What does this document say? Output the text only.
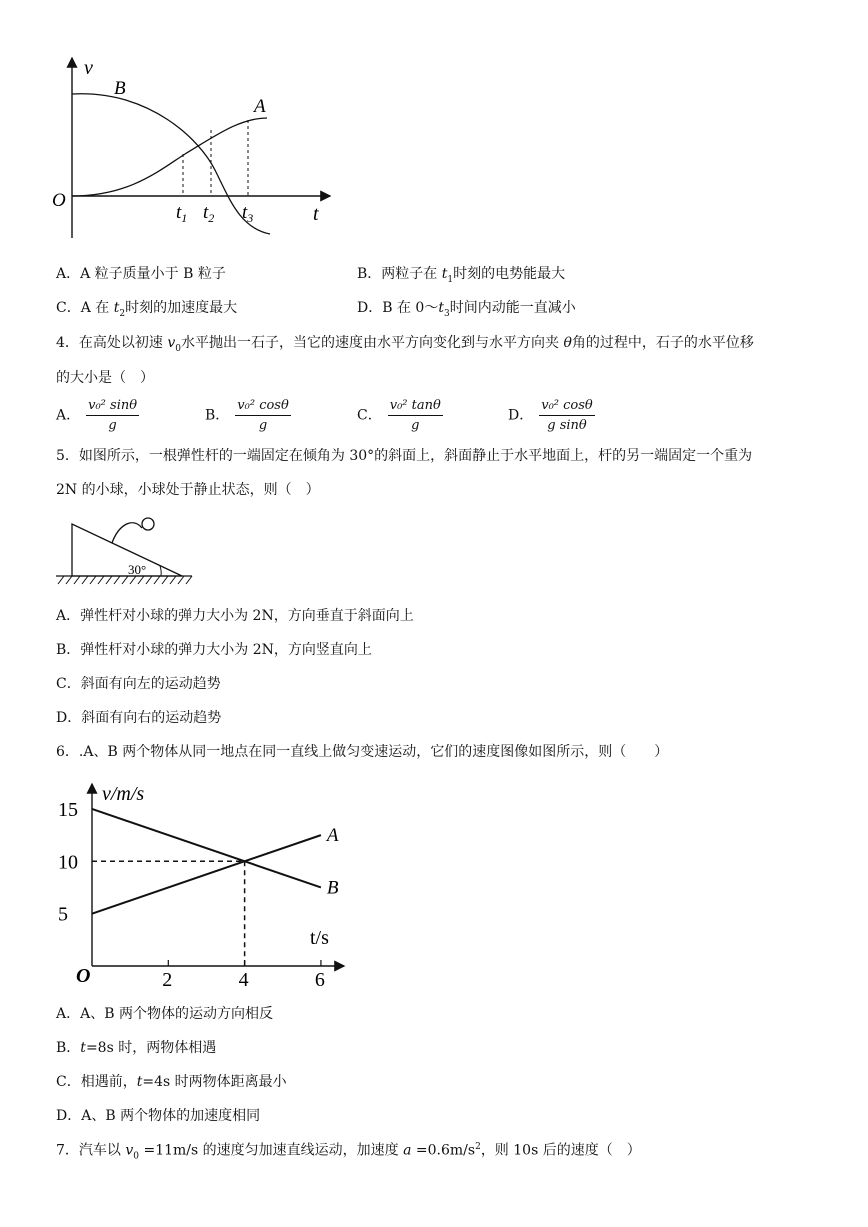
v
B
A
O
t
$t_1$ $t_2$ $t_3$
A．A 粒子质量小于 B 粒子	B．两粒子在 $t_1$时刻的电势能最大
C．A 在 $t_2$时刻的加速度最大	D．B 在 $0\sim t_3$时间内动能一直减小
4．在高处以初速 $v_0$水平抛出一石子，当它的速度由水平方向变化到与水平方向夹 θ角的过程中，石子的水平位移
的大小是（　）
A． $\frac{\text{v₀² sinθ}}{g}$	B． $\frac{\text{v₀² cosθ}}{g}$	C． $\frac{\text{v₀² tanθ}}{g}$	D． $\frac{\text{v₀² cosθ}}{\text{g sinθ}}$
5．如图所示，一根弹性杆的一端固定在倾角为 30°的斜面上，斜面静止于水平地面上，杆的另一端固定一个重为
2N 的小球，小球处于静止状态，则（　）
30°
A．弹性杆对小球的弹力大小为 2N，方向垂直于斜面向上
B．弹性杆对小球的弹力大小为 2N，方向竖直向上
C．斜面有向左的运动趋势
D．斜面有向右的运动趋势
6．.A、B 两个物体从同一地点在同一直线上做匀变速运动，它们的速度图像如图所示，则（　　）
v/m/s
t/s
O	2	4	6
5
10
15
A
B
A．A、B 两个物体的运动方向相反
B．t=8s 时，两物体相遇
C．相遇前，t=4s 时两物体距离最小
D．A、B 两个物体的加速度相同
7．汽车以 $v_0 =11m/s$ 的速度匀加速直线运动，加速度 $a =0.6m/s^2$，则 10s 后的速度（　）
